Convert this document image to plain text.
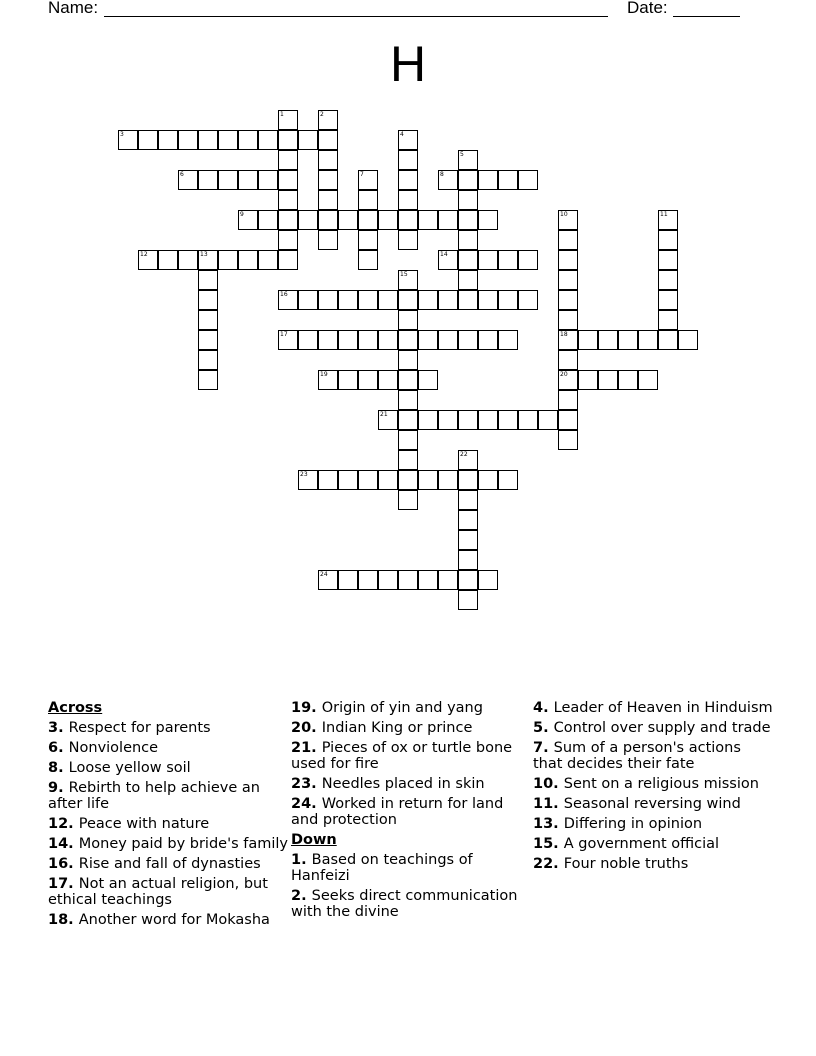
Name:	Date:
H
1	2
3	4
5
6	7	8
9	10
18
20
11
12	13	14
15
16
17
19
21
22
23
24
Across
3. Respect for parents
6. Nonviolence
8. Loose yellow soil
9. Rebirth to help achieve an after life
12. Peace with nature
14. Money paid by bride's family
16. Rise and fall of dynasties
17. Not an actual religion, but ethical teachings
18. Another word for Mokasha
19. Origin of yin and yang
20. Indian King or prince
21. Pieces of ox or turtle bone used for fire
23. Needles placed in skin
24. Worked in return for land and protection
Down
1. Based on teachings of Hanfeizi
2. Seeks direct communication with the divine
4. Leader of Heaven in Hinduism
5. Control over supply and trade
7. Sum of a person's actions that decides their fate
10. Sent on a religious mission
11. Seasonal reversing wind
13. Differing in opinion
15. A government official
22. Four noble truths
